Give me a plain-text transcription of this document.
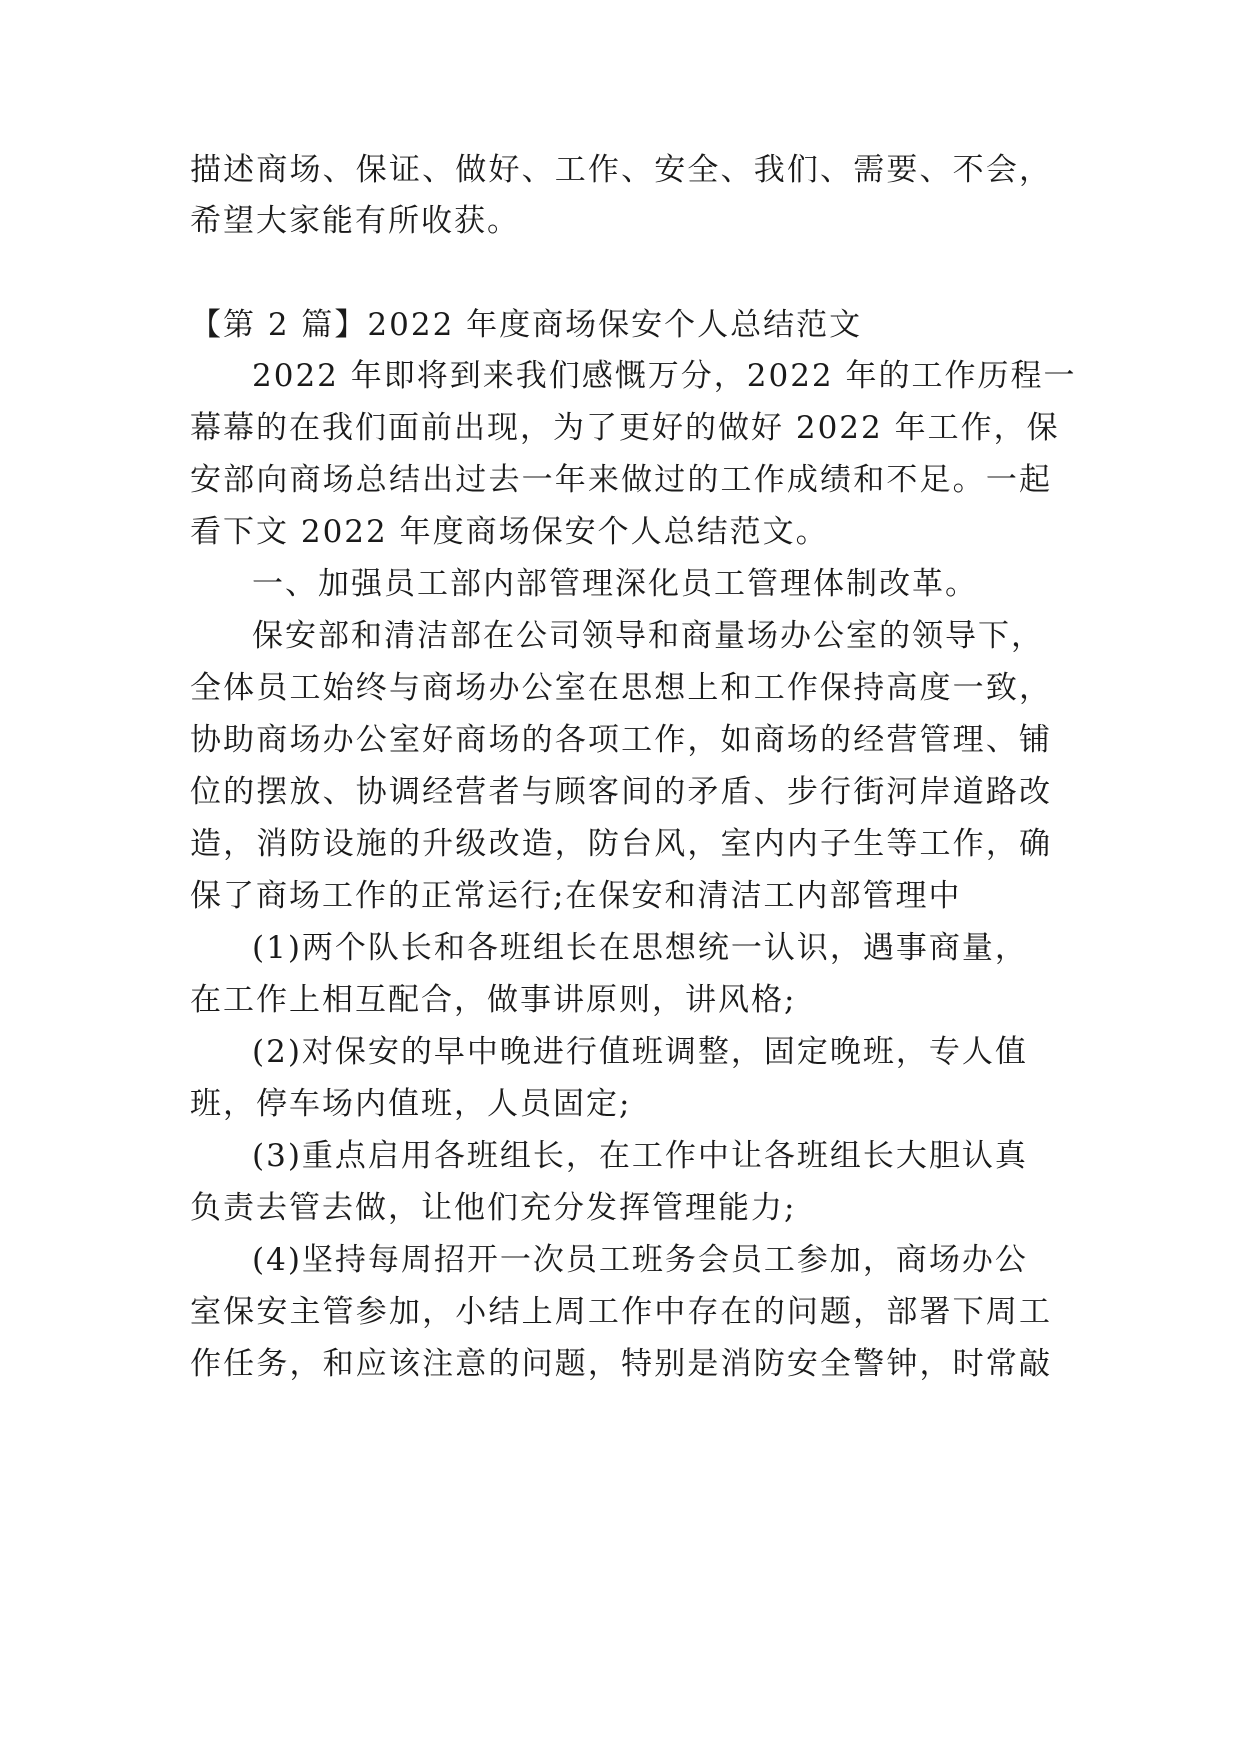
描述商场、保证、做好、工作、安全、我们、需要、不会，
希望大家能有所收获。
【第 2 篇】2022 年度商场保安个人总结范文
2022 年即将到来我们感慨万分，2022 年的工作历程一
幕幕的在我们面前出现，为了更好的做好 2022 年工作，保
安部向商场总结出过去一年来做过的工作成绩和不足。一起
看下文 2022 年度商场保安个人总结范文。
一、加强员工部内部管理深化员工管理体制改革。
保安部和清洁部在公司领导和商量场办公室的领导下，
全体员工始终与商场办公室在思想上和工作保持高度一致，
协助商场办公室好商场的各项工作，如商场的经营管理、铺
位的摆放、协调经营者与顾客间的矛盾、步行街河岸道路改
造，消防设施的升级改造，防台风，室内内子生等工作，确
保了商场工作的正常运行;在保安和清洁工内部管理中
(1)两个队长和各班组长在思想统一认识，遇事商量，
在工作上相互配合，做事讲原则，讲风格;
(2)对保安的早中晚进行值班调整，固定晚班，专人值
班，停车场内值班，人员固定;
(3)重点启用各班组长，在工作中让各班组长大胆认真
负责去管去做，让他们充分发挥管理能力;
(4)坚持每周招开一次员工班务会员工参加，商场办公
室保安主管参加，小结上周工作中存在的问题，部署下周工
作任务，和应该注意的问题，特别是消防安全警钟，时常敲
